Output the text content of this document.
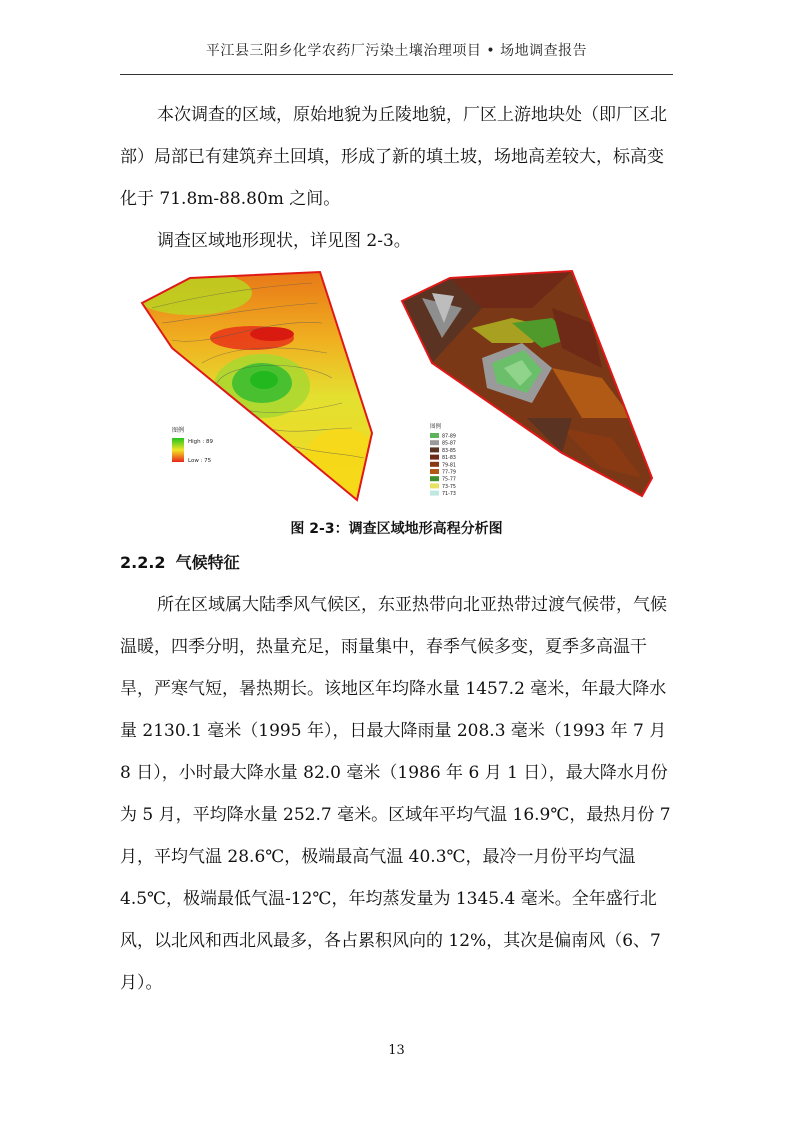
平江县三阳乡化学农药厂污染土壤治理项目 • 场地调查报告

本次调查的区域，原始地貌为丘陵地貌，厂区上游地块处（即厂区北部）局部已有建筑弃土回填，形成了新的填土坡，场地高差较大，标高变化于 71.8m-88.80m 之间。

调查区域地形现状，详见图 2-3。

图例
High : 89
Low : 75
图例
87-89
85-87
83-85
81-83
79-81
77-79
75-77
73-75
71-73
图 2-3：调查区域地形高程分析图
2.2.2 气候特征

所在区域属大陆季风气候区，东亚热带向北亚热带过渡气候带，气候温暖，四季分明，热量充足，雨量集中，春季气候多变，夏季多高温干旱，严寒气短，暑热期长。该地区年均降水量 1457.2 毫米，年最大降水量 2130.1 毫米（1995 年），日最大降雨量 208.3 毫米（1993 年 7 月 8 日），小时最大降水量 82.0 毫米（1986 年 6 月 1 日），最大降水月份为 5 月，平均降水量 252.7 毫米。区域年平均气温 16.9℃，最热月份 7 月，平均气温 28.6℃，极端最高气温 40.3℃，最冷一月份平均气温 4.5℃，极端最低气温-12℃，年均蒸发量为 1345.4 毫米。全年盛行北风，以北风和西北风最多，各占累积风向的 12%，其次是偏南风（6、7 月）。

13
